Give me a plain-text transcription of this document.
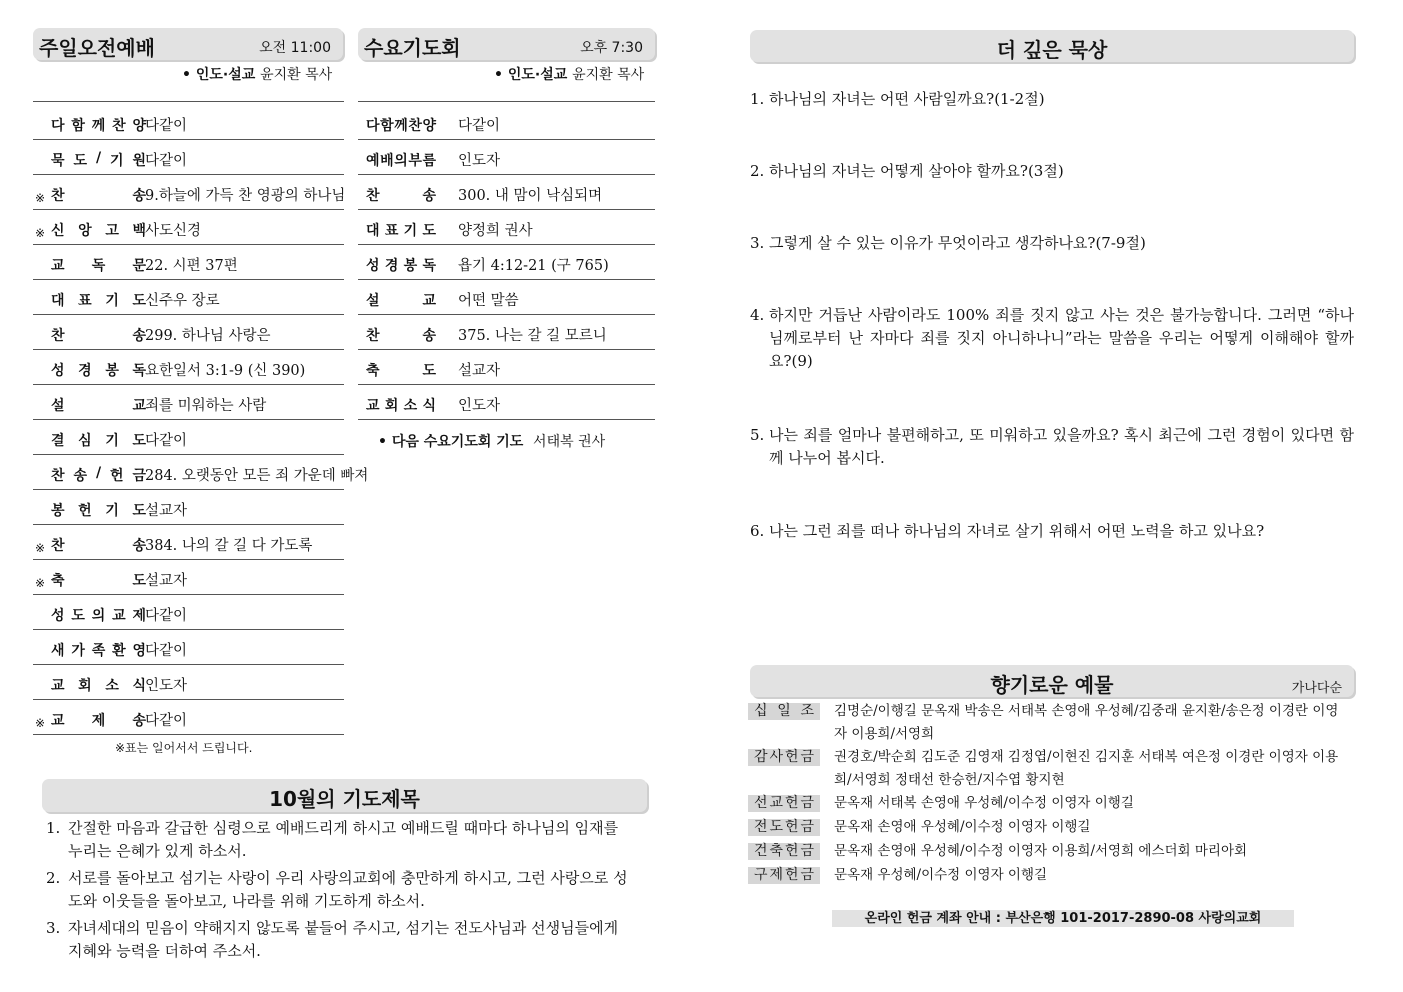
주일오전예배	오전 11:00
• 인도·설교 윤지환 목사
다 함 께 찬 양 다같이
묵 도 / 기 원 다같이
※ 찬	송 9.하늘에 가득 찬 영광의 하나님
※ 신 앙 고 백 사도신경
교 독 문 22. 시편 37편
대 표 기 도 신주우 장로
찬	송 299. 하나님 사랑은
성 경 봉 독 요한일서 3:1-9 (신 390)
설	교 죄를 미워하는 사람
결 심 기 도 다같이
찬 송 / 헌 금 284. 오랫동안 모든 죄 가운데 빠져
봉 헌 기 도 설교자
※ 찬	송 384. 나의 갈 길 다 가도록
※ 축	도 설교자
성 도 의 교 제 다같이
새 가 족 환 영 다같이
교 회 소 식 인도자
※ 교 제 송 다같이
※표는 일어서서 드립니다.
수요기도회	오후 7:30
• 인도·설교 윤지환 목사
다 함 께 찬 양 다같이
예 배 의 부 름 인도자
찬	송 300. 내 맘이 낙심되며
대 표 기 도 양정희 권사
성 경 봉 독 욥기 4:12-21 (구 765)
설	교 어떤 말씀
찬	송 375. 나는 갈 길 모르니
축	도 설교자
교 회 소 식 인도자
• 다음 수요기도회 기도 서태복 권사
10월의 기도제목
1. 간절한 마음과 갈급한 심령으로 예배드리게 하시고 예배드릴 때마다 하나님의 임재를 누리는 은혜가 있게 하소서.
2. 서로를 돌아보고 섬기는 사랑이 우리 사랑의교회에 충만하게 하시고, 그런 사랑으로 성도와 이웃들을 돌아보고, 나라를 위해 기도하게 하소서.
3. 자녀세대의 믿음이 약해지지 않도록 붙들어 주시고, 섬기는 전도사님과 선생님들에게 지혜와 능력을 더하여 주소서.
더 깊은 묵상
1. 하나님의 자녀는 어떤 사람일까요?(1-2절)
2. 하나님의 자녀는 어떻게 살아야 할까요?(3절)
3. 그렇게 살 수 있는 이유가 무엇이라고 생각하나요?(7-9절)
4. 하지만 거듭난 사람이라도 100% 죄를 짓지 않고 사는 것은 불가능합니다. 그러면 “하나님께로부터 난 자마다 죄를 짓지 아니하나니”라는 말씀을 우리는 어떻게 이해해야 할까요?(9)
5. 나는 죄를 얼마나 불편해하고, 또 미워하고 있을까요? 혹시 최근에 그런 경험이 있다면 함께 나누어 봅시다.
6. 나는 그런 죄를 떠나 하나님의 자녀로 살기 위해서 어떤 노력을 하고 있나요?
향기로운 예물	가나다순
십 일 조 김명순/이행길 문옥재 박송은 서태복 손영애 우성혜/김중래 윤지환/송은정 이경란 이영자 이용희/서영희
감 사 헌 금 권경호/박순희 김도준 김영재 김정엽/이현진 김지훈 서태복 여은정 이경란 이영자 이용희/서영희 정태선 한승헌/지수엽 황지현
선 교 헌 금 문옥재 서태복 손영애 우성혜/이수정 이영자 이행길
전 도 헌 금 문옥재 손영애 우성혜/이수정 이영자 이행길
건 축 헌 금 문옥재 손영애 우성혜/이수정 이영자 이용희/서영희 에스더회 마리아회
구 제 헌 금 문옥재 우성혜/이수정 이영자 이행길
온라인 헌금 계좌 안내 : 부산은행 101-2017-2890-08 사랑의교회
